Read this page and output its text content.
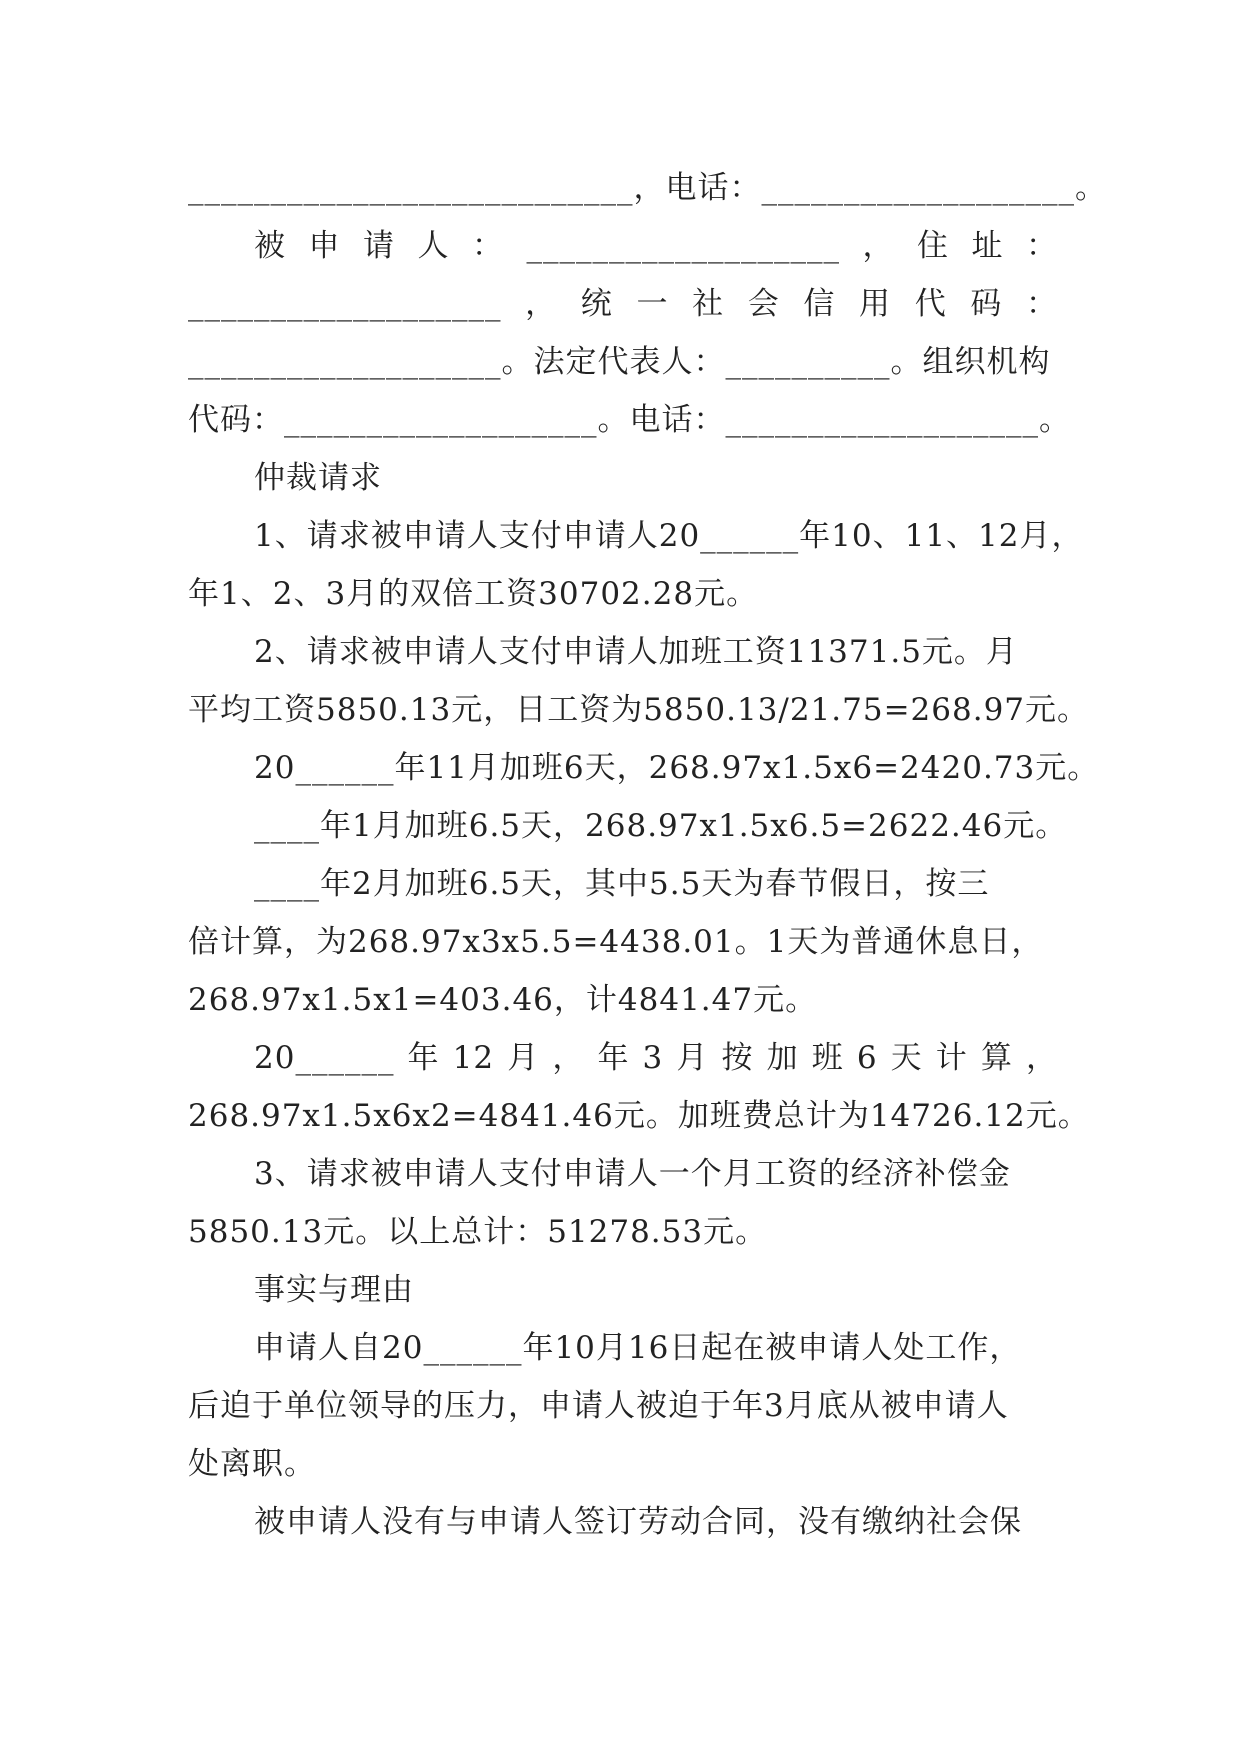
___________________________，电话：___________________。
被申请人：___________________，住址：
___________________，统一社会信用代码：
___________________。法定代表人：__________。组织机构
代码：___________________。电话：___________________。
仲裁请求
1、请求被申请人支付申请人20______年10、11、12月，
年1、2、3月的双倍工资30702.28元。
2、请求被申请人支付申请人加班工资11371.5元。月
平均工资5850.13元，日工资为5850.13/21.75=268.97元。
20______年11月加班6天，268.97x1.5x6=2420.73元。
____年1月加班6.5天，268.97x1.5x6.5=2622.46元。
____年2月加班6.5天，其中5.5天为春节假日，按三
倍计算，为268.97x3x5.5=4438.01。1天为普通休息日，
268.97x1.5x1=403.46，计4841.47元。
20______年12月，年3月按加班6天计算，
268.97x1.5x6x2=4841.46元。加班费总计为14726.12元。
3、请求被申请人支付申请人一个月工资的经济补偿金
5850.13元。以上总计：51278.53元。
事实与理由
申请人自20______年10月16日起在被申请人处工作，
后迫于单位领导的压力，申请人被迫于年3月底从被申请人
处离职。
被申请人没有与申请人签订劳动合同，没有缴纳社会保
